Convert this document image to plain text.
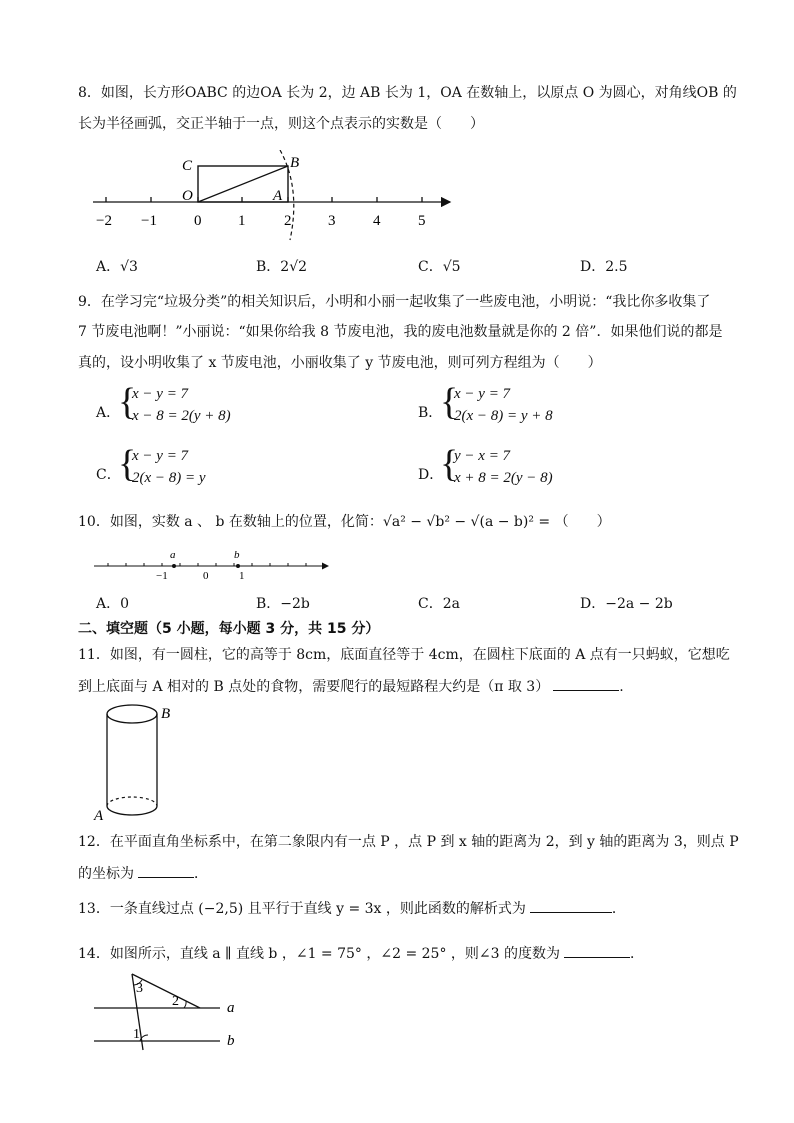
8．如图，长方形OABC 的边OA 长为 2，边 AB 长为 1，OA 在数轴上，以原点 O 为圆心，对角线OB 的
长为半径画弧，交正半轴于一点，则这个点表示的实数是（　　）
C	B
O	A
−2 −1 0 1	2 3	4	5
A．√3	B．2√2	C．√5	D．2.5
9．在学习完“垃圾分类”的相关知识后，小明和小丽一起收集了一些废电池，小明说：“我比你多收集了
7 节废电池啊！”小丽说：“如果你给我 8 节废电池，我的废电池数量就是你的 2 倍”．如果他们说的都是
真的，设小明收集了 x 节废电池，小丽收集了 y 节废电池，则可列方程组为（　　）
A．
{
x − y = 7
x − 8 = 2(y + 8)	B．
{
x − y = 7
2(x − 8) = y + 8
C．
{
x − y = 7
2(x − 8) = y	D．
{
y − x = 7
x + 8 = 2(y − 8)
10．如图，实数 a 、 b 在数轴上的位置，化简：√a² − √b² − √(a − b)² = （　　）
a	b
−1	0	1
A．0	B．−2b	C．2a	D．−2a − 2b
二、填空题（5 小题，每小题 3 分，共 15 分）
11．如图，有一圆柱，它的高等于 8cm，底面直径等于 4cm，在圆柱下底面的 A 点有一只蚂蚁，它想吃
到上底面与 A 相对的 B 点处的食物，需要爬行的最短路程大约是（π 取 3）	.
B
A
12．在平面直角坐标系中，在第二象限内有一点 P ，点 P 到 x 轴的距离为 2，到 y 轴的距离为 3，则点 P
的坐标为	．
13．一条直线过点 (−2,5) 且平行于直线 y = 3x ，则此函数的解析式为	．
14．如图所示，直线 a ∥ 直线 b ，∠1 = 75° ，∠2 = 25° ，则∠3 的度数为	．
3
2
1
a
b
